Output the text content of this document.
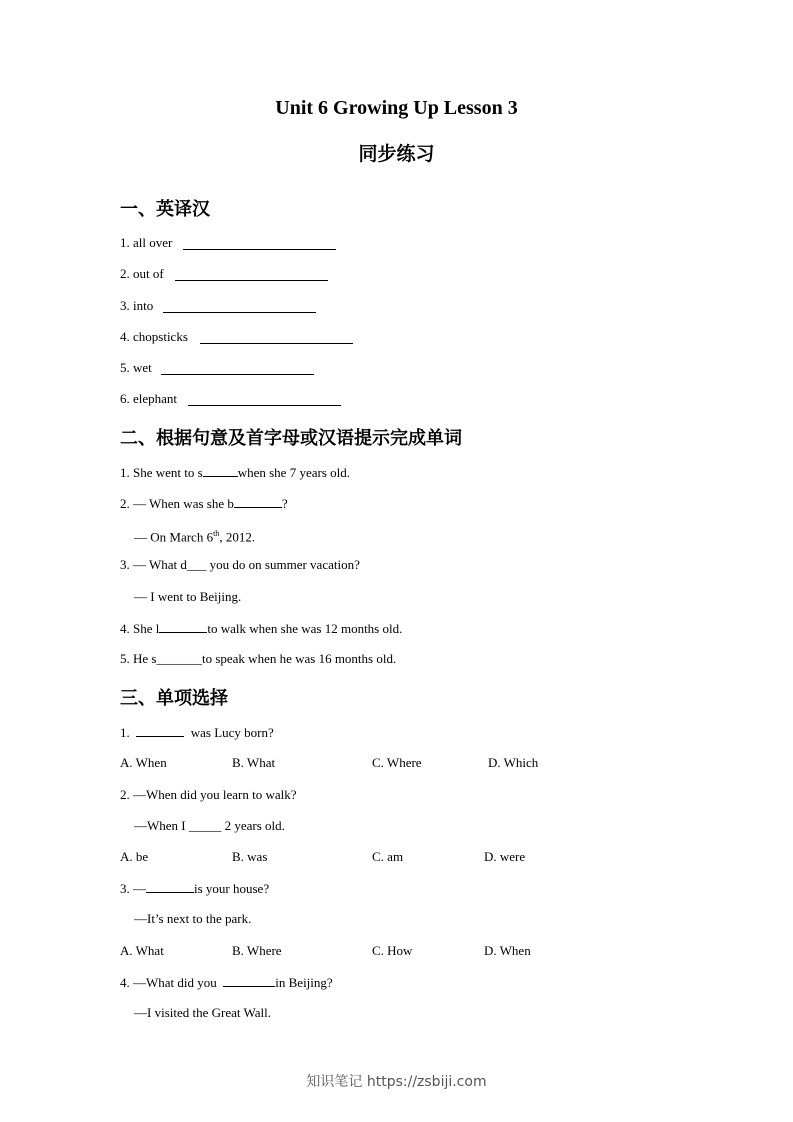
Unit 6 Growing Up Lesson 3
同步练习
一、英译汉
1. all over
2. out of
3. into
4. chopsticks
5. wet
6. elephant
二、根据句意及首字母或汉语提示完成单词
1. She went to s	when she 7 years old.
2. — When was she b	?
— On March 6th, 2012.
3. — What d___ you do on summer vacation?
— I went to Beijing.
4. She l	to walk when she was 12 months old.
5. He s_______to speak when he was 16 months old.
三、单项选择
1.	was Lucy born?
A. When	B. What	C. Where	D. Which
2. —When did you learn to walk?
—When I _____ 2 years old.
A. be	B. was	C. am	D. were
3. —	is your house?
—It’s next to the park.
A. What	B. Where	C. How	D. When
4. —What did you	in Beijing?
—I visited the Great Wall.
知识笔记 https://zsbiji.com
